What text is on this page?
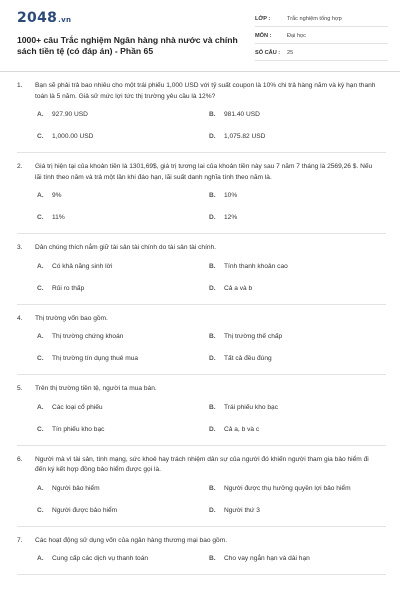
2048.vn
1000+ câu Trắc nghiệm Ngân hàng nhà nước và chính sách tiền tệ (có đáp án) - Phần 65
LỚP :	Trắc nghiệm tổng hợp
MÔN :	Đại học
SỐ CÂU :	25
1.	Bạn sẽ phải trả bao nhiêu cho một trái phiếu 1,000 USD với tỷ suất coupon là 10% chi trả hàng năm và kỳ hạn thanh toán là 5 năm. Giả sử mức lợi tức thị trường yêu cầu là 12%?
A.	927.90 USD	B.	981.40 USD
C.	1,000.00 USD	D.	1,075.82 USD
2.	Giá trị hiện tại của khoản tiền là 1301,69$, giá trị tương lai của khoản tiền này sau 7 năm 7 tháng là 2569,26 $. Nếu lãi tính theo năm và trả một lần khi đáo hạn, lãi suất danh nghĩa tính theo năm là.
A.	9%	B.	10%
C.	11%	D.	12%
3.	Dân chúng thích nắm giữ tài sản tài chính do tài sản tài chính.
A.	Có khả năng sinh lời	B.	Tính thanh khoản cao
C.	Rủi ro thấp	D.	Cả a và b
4.	Thị trường vốn bao gồm.
A.	Thị trường chứng khoán	B.	Thị trường thế chấp
C.	Thị trường tín dụng thuê mua	D.	Tất cả đều đúng
5.	Trên thị trường tiền tệ, người ta mua bán.
A.	Các loại cổ phiếu	B.	Trái phiếu kho bạc
C.	Tín phiếu kho bạc	D.	Cả a, b và c
6.	Người mà vì tài sản, tính mạng, sức khoẻ hay trách nhiệm dân sự của người đó khiến người tham gia bảo hiểm đi đến ký kết hợp đồng bảo hiểm được gọi là.
A.	Người bảo hiểm	B.	Người được thụ hưởng quyền lợi bảo hiểm
C.	Người được bảo hiểm	D.	Người thứ 3
7.	Các hoạt động sử dụng vốn của ngân hàng thương mại bao gồm.
A.	Cung cấp các dịch vụ thanh toán	B.	Cho vay ngắn hạn và dài hạn
